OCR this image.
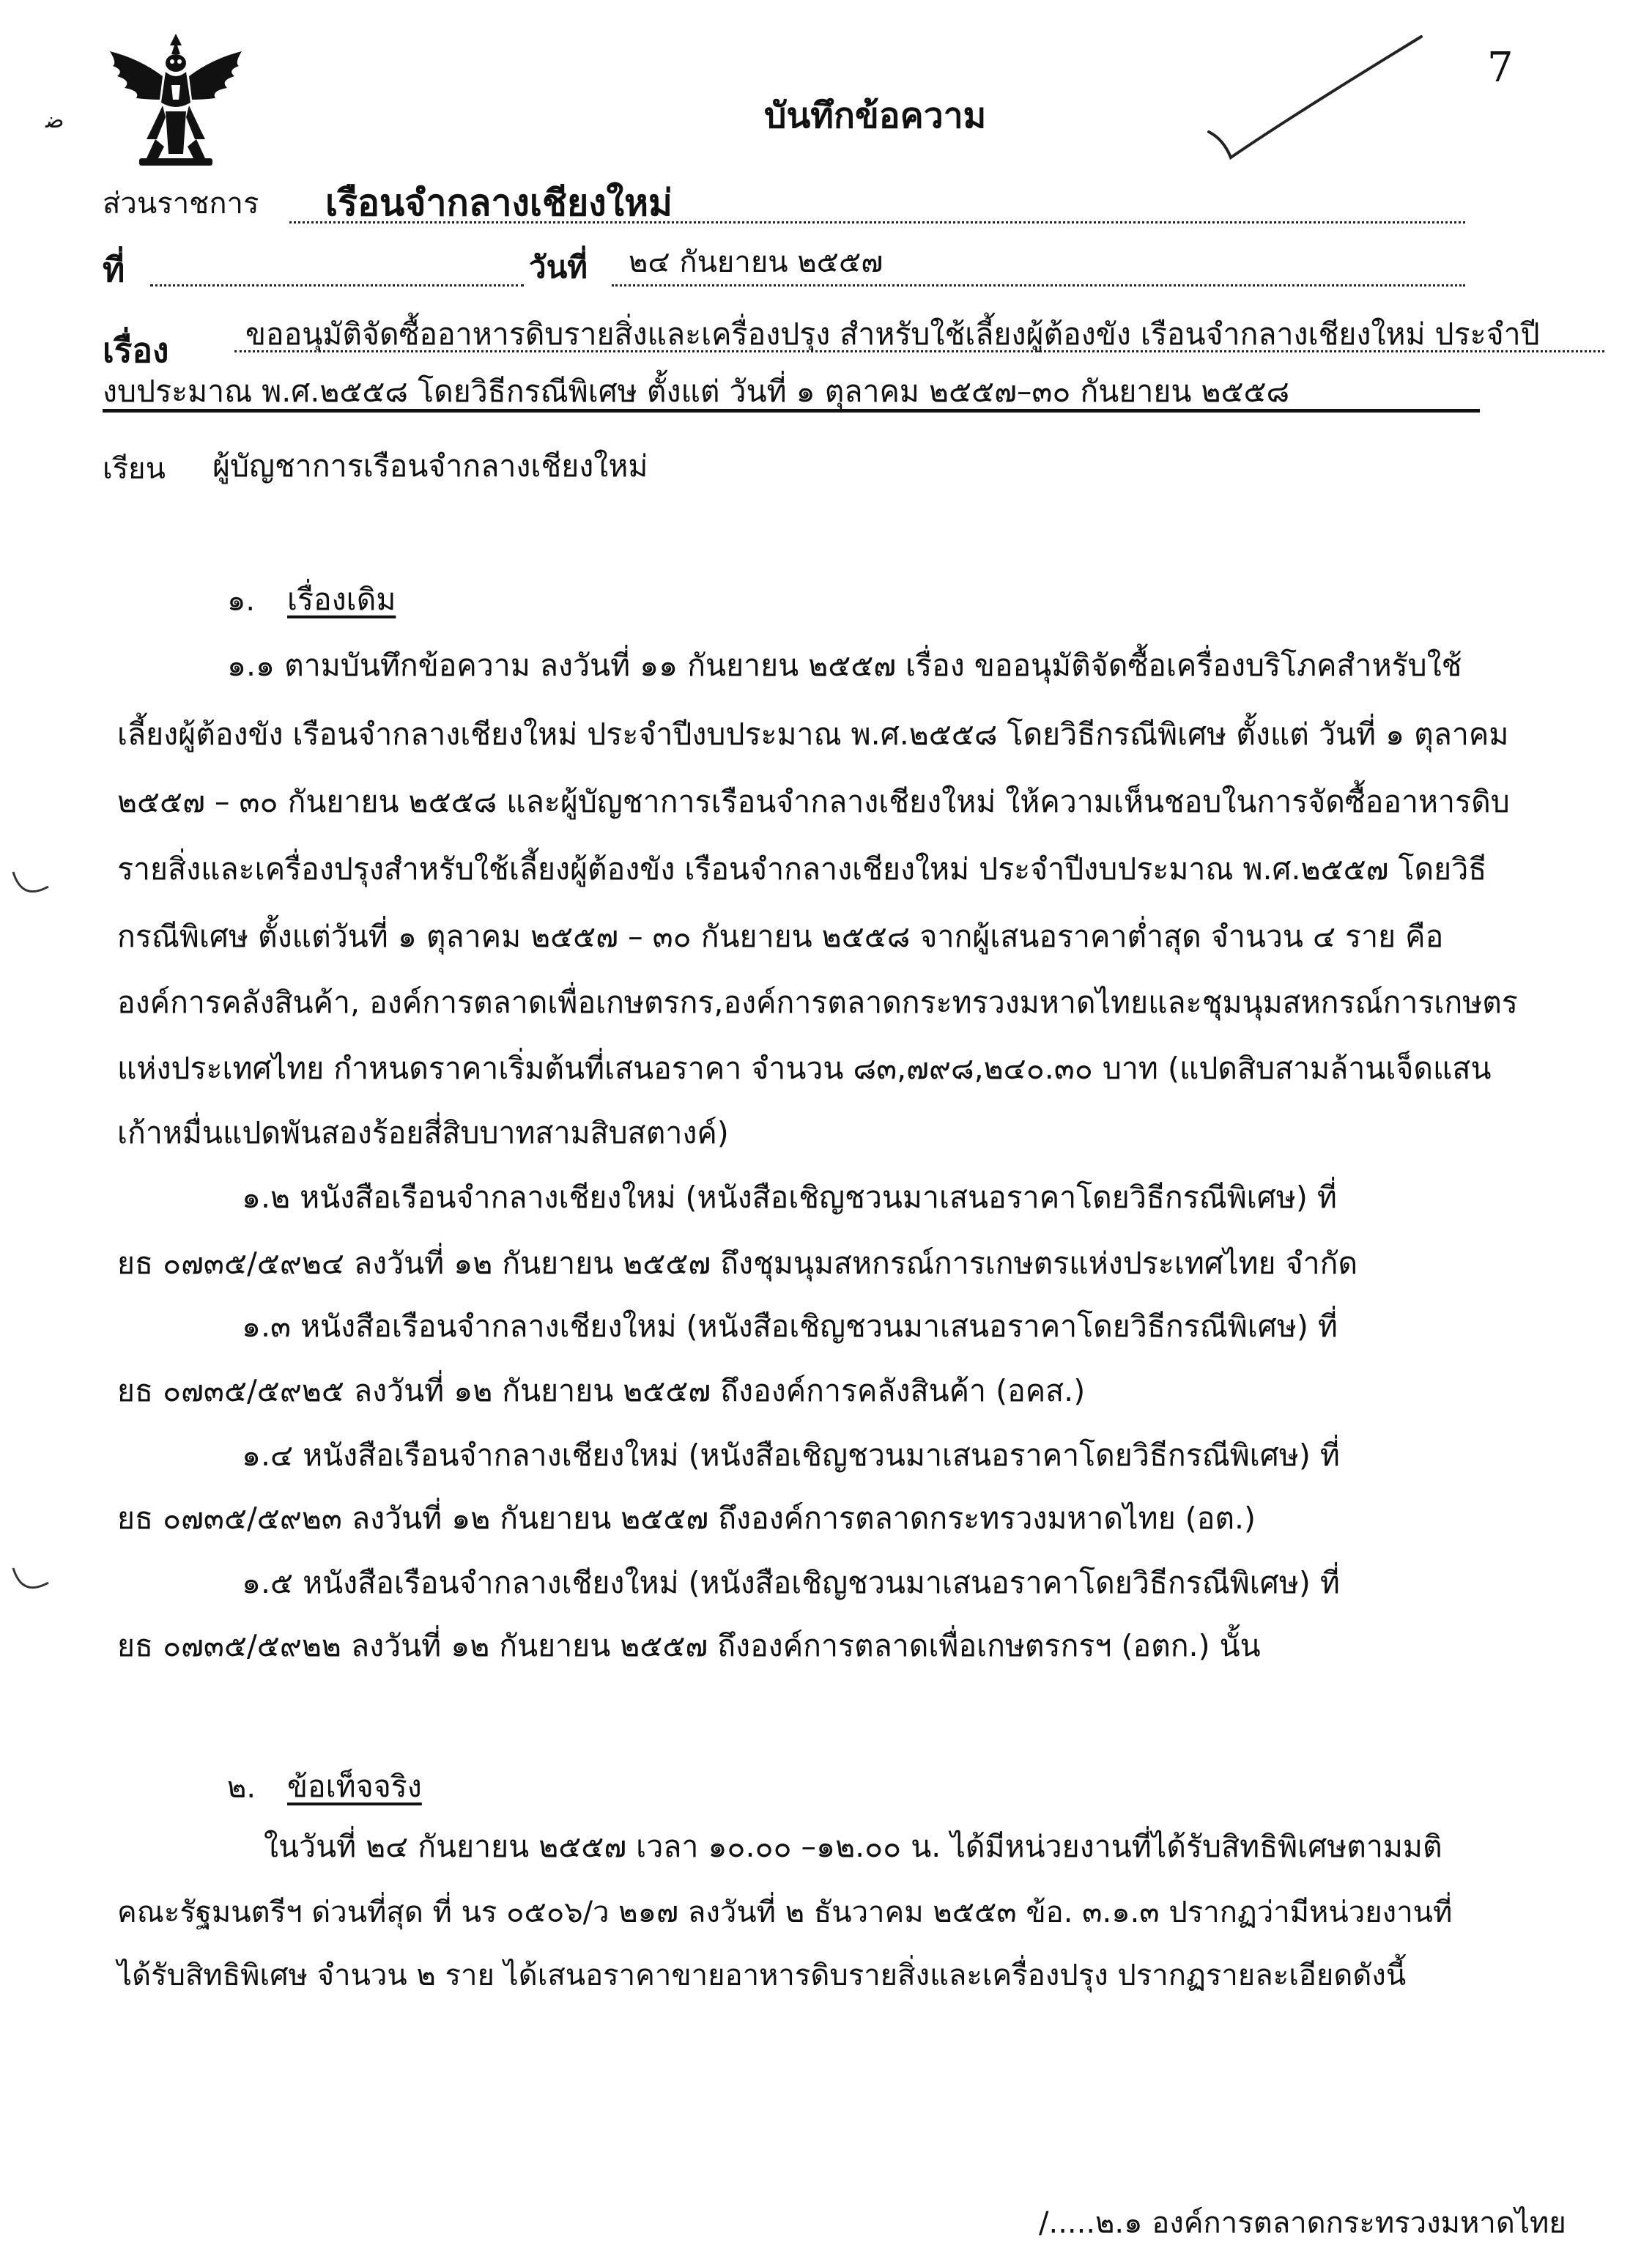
ﺿ	บันทึกข้อความ
7
ส่วนราชการ เรือนจำกลางเชียงใหม่
ที่	วันที่ ๒๔ กันยายน ๒๕๕๗
เรื่อง	ขออนุมัติจัดซื้ออาหารดิบรายสิ่งและเครื่องปรุง สำหรับใช้เลี้ยงผู้ต้องขัง เรือนจำกลางเชียงใหม่ ประจำปี
งบประมาณ พ.ศ.๒๕๕๘ โดยวิธีกรณีพิเศษ ตั้งแต่ วันที่ ๑ ตุลาคม ๒๕๕๗–๓๐ กันยายน ๒๕๕๘
เรียน ผู้บัญชาการเรือนจำกลางเชียงใหม่
๑. เรื่องเดิม
๑.๑ ตามบันทึกข้อความ ลงวันที่ ๑๑ กันยายน ๒๕๕๗ เรื่อง ขออนุมัติจัดซื้อเครื่องบริโภคสำหรับใช้
เลี้ยงผู้ต้องขัง เรือนจำกลางเชียงใหม่ ประจำปีงบประมาณ พ.ศ.๒๕๕๘ โดยวิธีกรณีพิเศษ ตั้งแต่ วันที่ ๑ ตุลาคม
๒๕๕๗ – ๓๐ กันยายน ๒๕๕๘ และผู้บัญชาการเรือนจำกลางเชียงใหม่ ให้ความเห็นชอบในการจัดซื้ออาหารดิบ
รายสิ่งและเครื่องปรุงสำหรับใช้เลี้ยงผู้ต้องขัง เรือนจำกลางเชียงใหม่ ประจำปีงบประมาณ พ.ศ.๒๕๕๗ โดยวิธี
กรณีพิเศษ ตั้งแต่วันที่ ๑ ตุลาคม ๒๕๕๗ – ๓๐ กันยายน ๒๕๕๘ จากผู้เสนอราคาต่ำสุด จำนวน ๔ ราย คือ
องค์การคลังสินค้า, องค์การตลาดเพื่อเกษตรกร,องค์การตลาดกระทรวงมหาดไทยและชุมนุมสหกรณ์การเกษตร
แห่งประเทศไทย กำหนดราคาเริ่มต้นที่เสนอราคา จำนวน ๘๓,๗๙๘,๒๔๐.๓๐ บาท (แปดสิบสามล้านเจ็ดแสน
เก้าหมื่นแปดพันสองร้อยสี่สิบบาทสามสิบสตางค์)
๑.๒ หนังสือเรือนจำกลางเชียงใหม่ (หนังสือเชิญชวนมาเสนอราคาโดยวิธีกรณีพิเศษ) ที่
ยธ ๐๗๓๕/๕๙๒๔ ลงวันที่ ๑๒ กันยายน ๒๕๕๗ ถึงชุมนุมสหกรณ์การเกษตรแห่งประเทศไทย จำกัด
๑.๓ หนังสือเรือนจำกลางเชียงใหม่ (หนังสือเชิญชวนมาเสนอราคาโดยวิธีกรณีพิเศษ) ที่
ยธ ๐๗๓๕/๕๙๒๕ ลงวันที่ ๑๒ กันยายน ๒๕๕๗ ถึงองค์การคลังสินค้า (อคส.)
๑.๔ หนังสือเรือนจำกลางเชียงใหม่ (หนังสือเชิญชวนมาเสนอราคาโดยวิธีกรณีพิเศษ) ที่
ยธ ๐๗๓๕/๕๙๒๓ ลงวันที่ ๑๒ กันยายน ๒๕๕๗ ถึงองค์การตลาดกระทรวงมหาดไทย (อต.)
๑.๕ หนังสือเรือนจำกลางเชียงใหม่ (หนังสือเชิญชวนมาเสนอราคาโดยวิธีกรณีพิเศษ) ที่
ยธ ๐๗๓๕/๕๙๒๒ ลงวันที่ ๑๒ กันยายน ๒๕๕๗ ถึงองค์การตลาดเพื่อเกษตรกรฯ (อตก.) นั้น
๒. ข้อเท็จจริง
ในวันที่ ๒๔ กันยายน ๒๕๕๗ เวลา ๑๐.๐๐ –๑๒.๐๐ น. ได้มีหน่วยงานที่ได้รับสิทธิพิเศษตามมติ
คณะรัฐมนตรีฯ ด่วนที่สุด ที่ นร ๐๕๐๖/ว ๒๑๗ ลงวันที่ ๒ ธันวาคม ๒๕๕๓ ข้อ. ๓.๑.๓ ปรากฏว่ามีหน่วยงานที่
ได้รับสิทธิพิเศษ จำนวน ๒ ราย ได้เสนอราคาขายอาหารดิบรายสิ่งและเครื่องปรุง ปรากฏรายละเอียดดังนี้
/.....๒.๑ องค์การตลาดกระทรวงมหาดไทย
